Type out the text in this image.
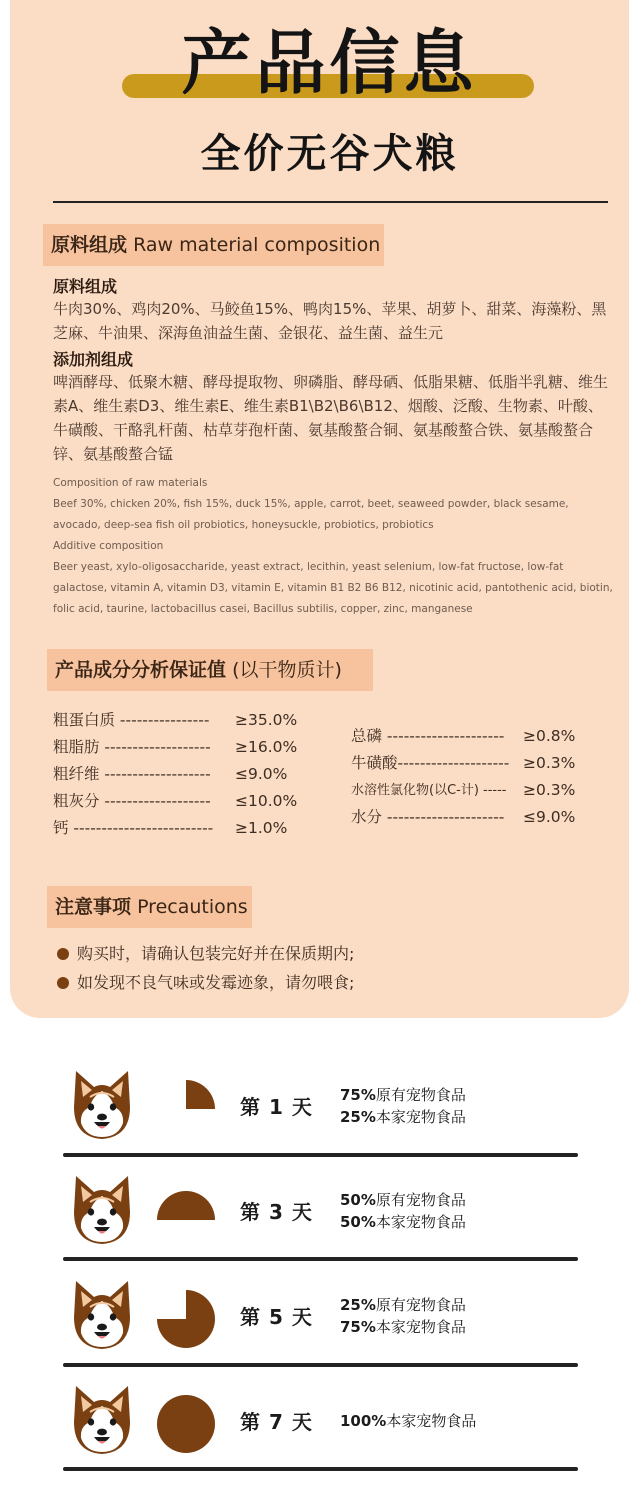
产品信息
全价无谷犬粮
原料组成 Raw material composition
原料组成
牛肉30%、鸡肉20%、马鲛鱼15%、鸭肉15%、苹果、胡萝卜、甜菜、海藻粉、黑芝麻、牛油果、深海鱼油益生菌、金银花、益生菌、益生元
添加剂组成
啤酒酵母、低聚木糖、酵母提取物、卵磷脂、酵母硒、低脂果糖、低脂半乳糖、维生素A、维生素D3、维生素E、维生素B1\B2\B6\B12、烟酸、泛酸、生物素、叶酸、牛磺酸、干酪乳杆菌、枯草芽孢杆菌、氨基酸螯合铜、氨基酸螯合铁、氨基酸螯合锌、氨基酸螯合锰
Composition of raw materials
Beef 30%, chicken 20%, fish 15%, duck 15%, apple, carrot, beet, seaweed powder, black sesame, avocado, deep-sea fish oil probiotics, honeysuckle, probiotics, probiotics
Additive composition
Beer yeast, xylo-oligosaccharide, yeast extract, lecithin, yeast selenium, low-fat fructose, low-fat galactose, vitamin A, vitamin D3, vitamin E, vitamin B1 B2 B6 B12, nicotinic acid, pantothenic acid, biotin, folic acid, taurine, lactobacillus casei, Bacillus subtilis, copper, zinc, manganese
产品成分分析保证值 (以干物质计)
粗蛋白质 ---------------- ≥35.0%
粗脂肪 ------------------- ≥16.0%
粗纤维 ------------------- ≤9.0%
粗灰分 ------------------- ≤10.0%
钙 ------------------------- ≥1.0%
总磷 --------------------- ≥0.8%
牛磺酸-------------------- ≥0.3%
水溶性氯化物(以C-计) ----- ≥0.3%
水分 --------------------- ≤9.0%
注意事项 Precautions
购买时，请确认包装完好并在保质期内;
如发现不良气味或发霉迹象，请勿喂食;
第 1 天 75%原有宠物食品
25%本家宠物食品
第 3 天 50%原有宠物食品
50%本家宠物食品
第 5 天 25%原有宠物食品
75%本家宠物食品
第 7 天 100%本家宠物食品
